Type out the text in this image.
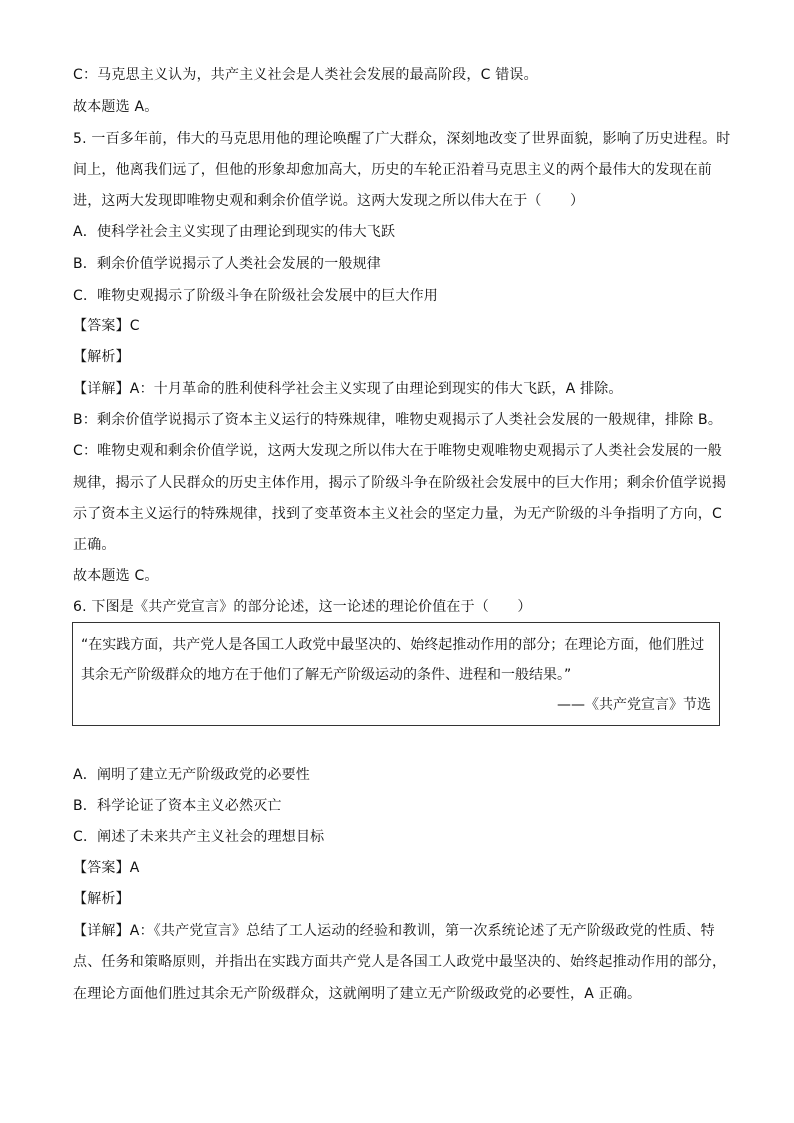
C：马克思主义认为，共产主义社会是人类社会发展的最高阶段，C 错误。
故本题选 A。
5. 一百多年前，伟大的马克思用他的理论唤醒了广大群众，深刻地改变了世界面貌，影响了历史进程。时
间上，他离我们远了，但他的形象却愈加高大，历史的车轮正沿着马克思主义的两个最伟大的发现在前
进，这两大发现即唯物史观和剩余价值学说。这两大发现之所以伟大在于（　　）
A．使科学社会主义实现了由理论到现实的伟大飞跃
B．剩余价值学说揭示了人类社会发展的一般规律
C．唯物史观揭示了阶级斗争在阶级社会发展中的巨大作用
【答案】C
【解析】
【详解】A：十月革命的胜利使科学社会主义实现了由理论到现实的伟大飞跃，A 排除。
B：剩余价值学说揭示了资本主义运行的特殊规律，唯物史观揭示了人类社会发展的一般规律，排除 B。
C：唯物史观和剩余价值学说，这两大发现之所以伟大在于唯物史观唯物史观揭示了人类社会发展的一般
规律，揭示了人民群众的历史主体作用，揭示了阶级斗争在阶级社会发展中的巨大作用；剩余价值学说揭
示了资本主义运行的特殊规律，找到了变革资本主义社会的坚定力量，为无产阶级的斗争指明了方向，C
正确。
故本题选 C。
6. 下图是《共产党宣言》的部分论述，这一论述的理论价值在于（　　）
“在实践方面，共产党人是各国工人政党中最坚决的、始终起推动作用的部分；在理论方面，他们胜过
其余无产阶级群众的地方在于他们了解无产阶级运动的条件、进程和一般结果。”
——《共产党宣言》节选
A．阐明了建立无产阶级政党的必要性
B．科学论证了资本主义必然灭亡
C．阐述了未来共产主义社会的理想目标
【答案】A
【解析】
【详解】A：《共产党宣言》总结了工人运动的经验和教训，第一次系统论述了无产阶级政党的性质、特
点、任务和策略原则，并指出在实践方面共产党人是各国工人政党中最坚决的、始终起推动作用的部分，
在理论方面他们胜过其余无产阶级群众，这就阐明了建立无产阶级政党的必要性，A 正确。
